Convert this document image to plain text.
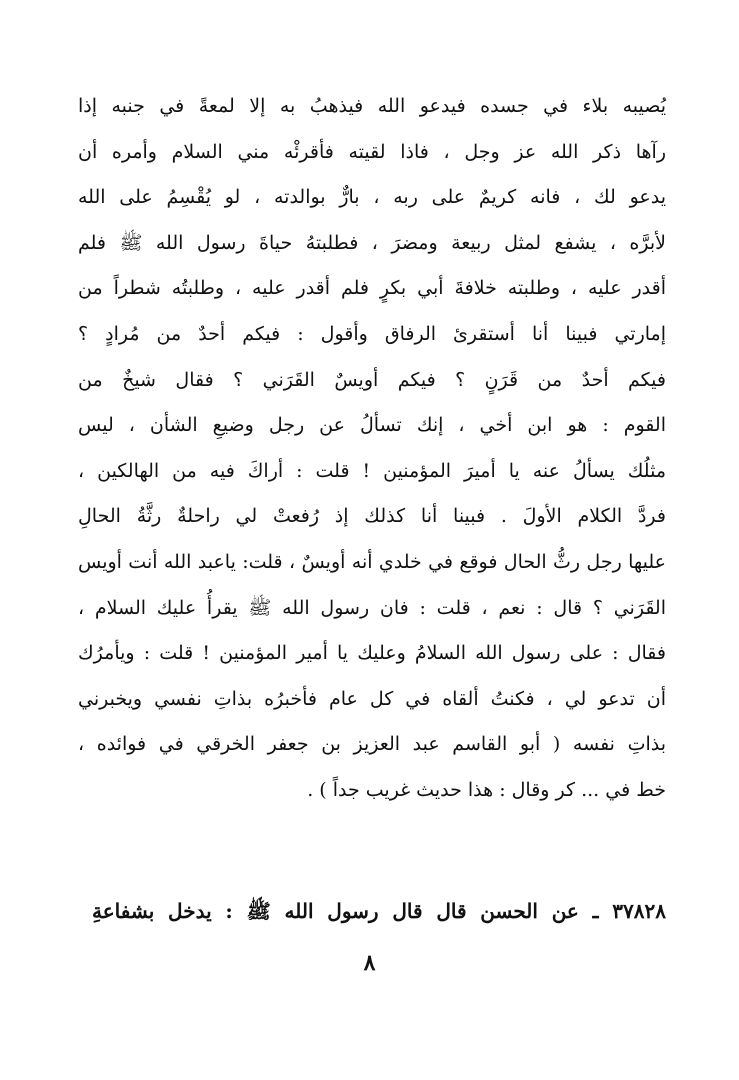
يُصيبه بلاء في جسده فيدعو الله فيذهبُ به إلا لمعةً في جنبه إذا
رآها ذكر الله عز وجل ، فاذا لقيته فأقرئْه مني السلام وأمره أن
يدعو لك ، فانه كريمٌ على ربه ، بارٌّ بوالدته ، لو يُقْسِمُ على الله
لأبرَّه ، يشفع لمثل ربيعة ومضرَ ، فطلبتهُ حياةَ رسول الله ﷺ فلم
أقدر عليه ، وطلبته خلافةَ أبي بكرٍ فلم أقدر عليه ، وطلبتُه شطراً من
إمارتي فبينا أنا أستقرئ الرفاق وأقول : فيكم أحدٌ من مُرادٍ ؟
فيكم أحدٌ من قَرَنٍ ؟ فيكم أويسٌ القَرَني ؟ فقال شيخٌ من
القوم : هو ابن أخي ، إنك تسألُ عن رجل وضيعِ الشأن ، ليس
مثلُك يسألُ عنه يا أميرَ المؤمنين ! قلت : أراكَ فيه من الهالكين ،
فردَّ الكلام الأولَ . فبينا أنا كذلك إذ رُفعتْ لي راحلةٌ رثَّةُ الحالِ
عليها رجل رثُّ الحال فوقع في خلدي أنه أويسٌ ، قلت: ياعبد الله أنت أويس
القَرَني ؟ قال : نعم ، قلت : فان رسول الله ﷺ يقرأُ عليك السلام ،
فقال : على رسول الله السلامُ وعليك يا أمير المؤمنين ! قلت : ويأمرُك
أن تدعو لي ، فكنتُ ألقاه في كل عام فأخبرُه بذاتِ نفسي ويخبرني
بذاتِ نفسه ( أبو القاسم عبد العزيز بن جعفر الخرقي في فوائده ،
خط في ... كر وقال : هذا حديث غريب جداً ) .
٣٧٨٢٨ ـ عن الحسن قال قال رسول الله ﷺ : يدخل بشفاعةِ
٨
